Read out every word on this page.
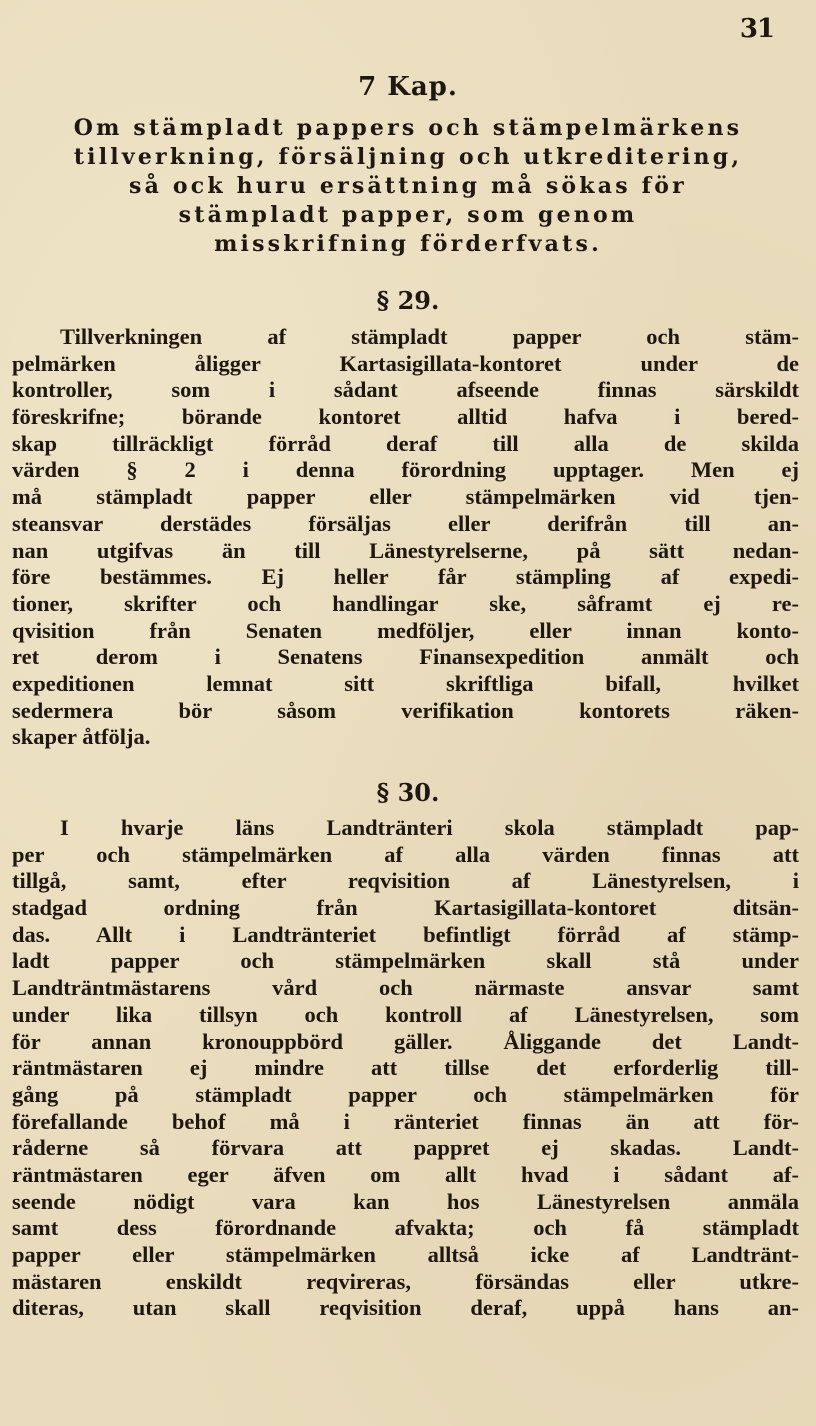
31
7 Kap.
Om stämpladt pappers och stämpelmärkens
tillverkning, försäljning och utkreditering,
så ock huru ersättning må sökas för
stämpladt papper, som genom
misskrifning förderfvats.
§ 29.
Tillverkningen af stämpladt papper och stäm-
pelmärken åligger Kartasigillata-kontoret under de
kontroller, som i sådant afseende finnas särskildt
föreskrifne; börande kontoret alltid hafva i bered-
skap tillräckligt förråd deraf till alla de skilda
värden § 2 i denna förordning upptager. Men ej
må stämpladt papper eller stämpelmärken vid tjen-
steansvar derstädes försäljas eller derifrån till an-
nan utgifvas än till Länestyrelserne, på sätt nedan-
före bestämmes. Ej heller får stämpling af expedi-
tioner, skrifter och handlingar ske, såframt ej re-
qvisition från Senaten medföljer, eller innan konto-
ret derom i Senatens Finansexpedition anmält och
expeditionen lemnat sitt skriftliga bifall, hvilket
sedermera bör såsom verifikation kontorets räken-
skaper åtfölja.
§ 30.
I hvarje läns Landtränteri skola stämpladt pap-
per och stämpelmärken af alla värden finnas att
tillgå, samt, efter reqvisition af Länestyrelsen, i
stadgad ordning från Kartasigillata-kontoret ditsän-
das. Allt i Landtränteriet befintligt förråd af stämp-
ladt papper och stämpelmärken skall stå under
Landträntmästarens vård och närmaste ansvar samt
under lika tillsyn och kontroll af Länestyrelsen, som
för annan kronouppbörd gäller. Åliggande det Landt-
räntmästaren ej mindre att tillse det erforderlig till-
gång på stämpladt papper och stämpelmärken för
förefallande behof må i ränteriet finnas än att för-
råderne så förvara att pappret ej skadas. Landt-
räntmästaren eger äfven om allt hvad i sådant af-
seende nödigt vara kan hos Länestyrelsen anmäla
samt dess förordnande afvakta; och få stämpladt
papper eller stämpelmärken alltså icke af Landtränt-
mästaren enskildt reqvireras, försändas eller utkre-
diteras, utan skall reqvisition deraf, uppå hans an-
